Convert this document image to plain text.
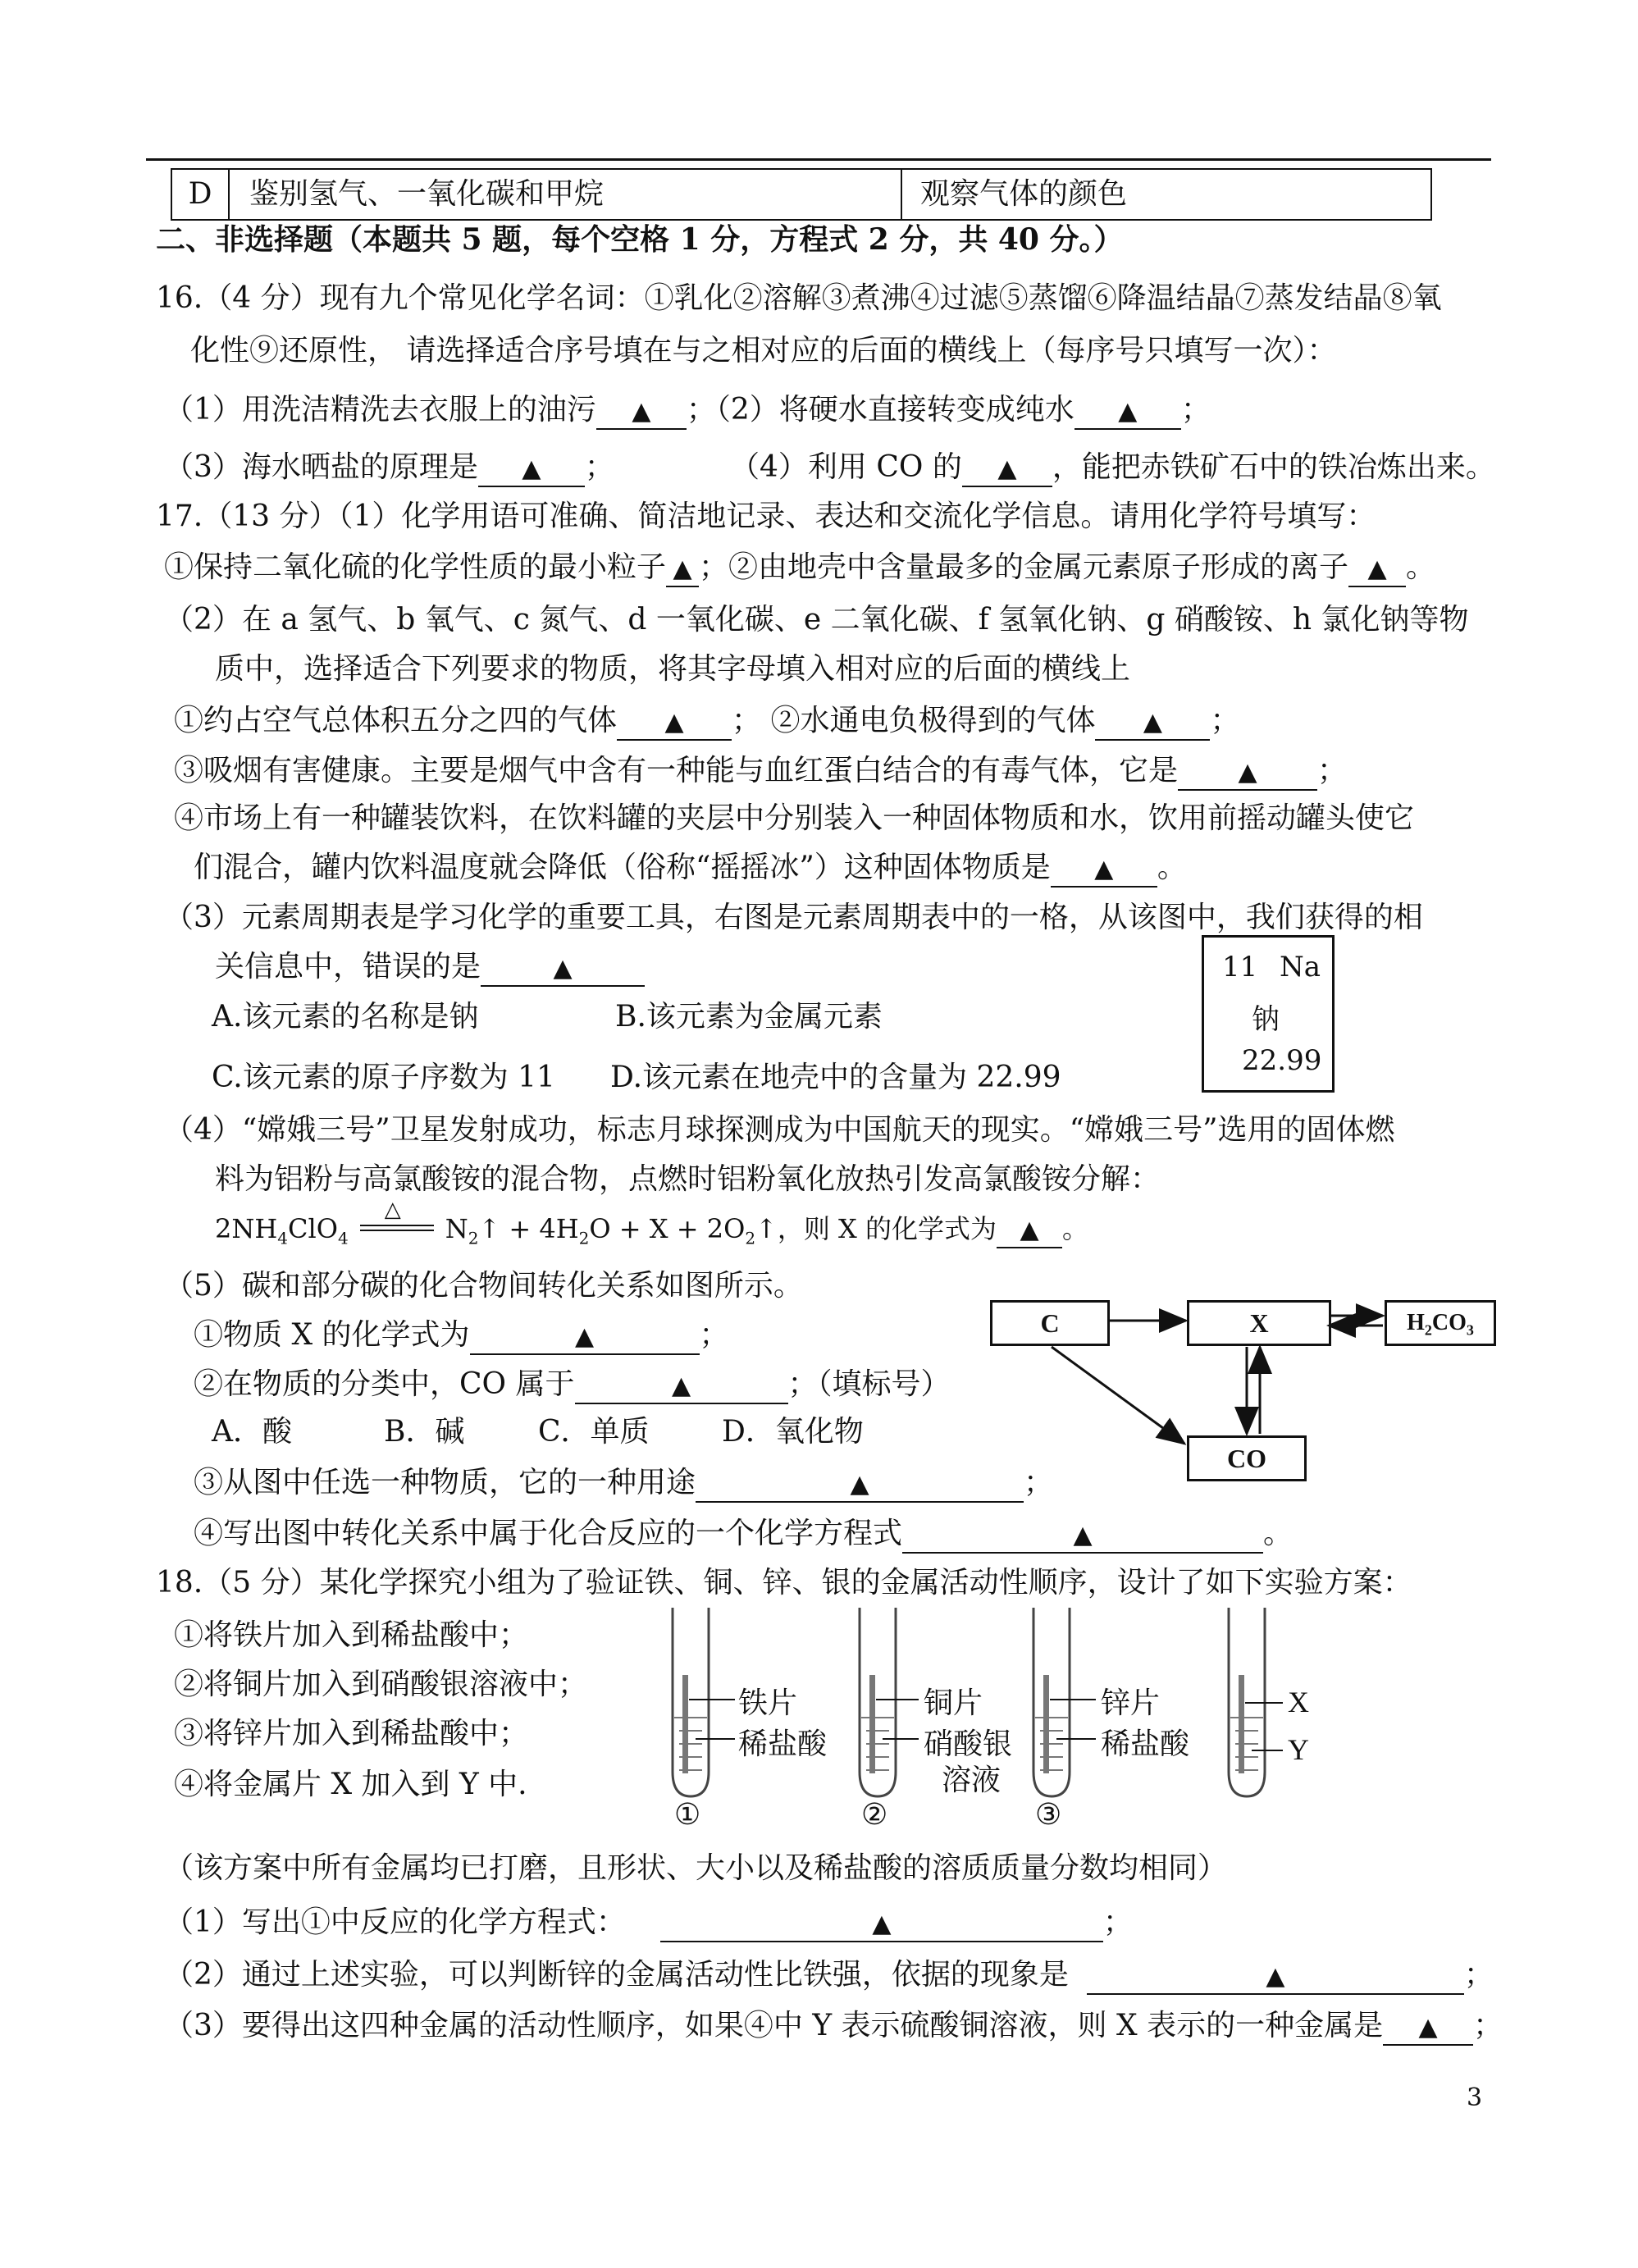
D	鉴别氢气、一氧化碳和甲烷	观察气体的颜色
二、非选择题（本题共 5 题，每个空格 1 分，方程式 2 分，共 40 分。）
16.（4 分）现有九个常见化学名词：①乳化②溶解③煮沸④过滤⑤蒸馏⑥降温结晶⑦蒸发结晶⑧氧
化性⑨还原性， 请选择适合序号填在与之相对应的后面的横线上（每序号只填写一次）：
（1）用洗洁精洗去衣服上的油污 ▲ ；（2）将硬水直接转变成纯水 ▲ ；
（3）海水晒盐的原理是 ▲ ；	（4）利用 CO 的 ▲ ，能把赤铁矿石中的铁冶炼出来。
17.（13 分）（1）化学用语可准确、简洁地记录、表达和交流化学信息。请用化学符号填写：
①保持二氧化硫的化学性质的最小粒子 ▲ ；②由地壳中含量最多的金属元素原子形成的离子 ▲ 。
（2）在 a 氢气、b 氧气、c 氮气、d 一氧化碳、e 二氧化碳、f 氢氧化钠、g 硝酸铵、h 氯化钠等物
质中，选择适合下列要求的物质，将其字母填入相对应的后面的横线上
①约占空气总体积五分之四的气体 ▲ ； ②水通电负极得到的气体 ▲ ；
③吸烟有害健康。主要是烟气中含有一种能与血红蛋白结合的有毒气体，它是 ▲ ；
④市场上有一种罐装饮料，在饮料罐的夹层中分别装入一种固体物质和水，饮用前摇动罐头使它
们混合，罐内饮料温度就会降低（俗称“摇摇冰”）这种固体物质是 ▲ 。
（3）元素周期表是学习化学的重要工具，右图是元素周期表中的一格，从该图中，我们获得的相
关信息中，错误的是	▲
A.该元素的名称是钠	B.该元素为金属元素
C.该元素的原子序数为 11 D.该元素在地壳中的含量为 22.99
11 Na
钠
22.99
（4）“嫦娥三号”卫星发射成功，标志月球探测成为中国航天的现实。“嫦娥三号”选用的固体燃
料为铝粉与高氯酸铵的混合物，点燃时铝粉氧化放热引发高氯酸铵分解：
$2NH_4ClO_4$
△
$N_2↑ + 4H_2O + X$ + $2O_2↑$，则 X 的化学式为 ▲ 。
（5）碳和部分碳的化合物间转化关系如图所示。
①物质 X 的化学式为	▲	；
②在物质的分类中，CO 属于	▲	；（填标号）
A．酸	B．碱 C．单质 D．氧化物
③从图中任选一种物质，它的一种用途	▲	；
④写出图中转化关系中属于化合反应的一个化学方程式	▲	。
C	X	$H_2CO_3$
CO
18.（5 分）某化学探究小组为了验证铁、铜、锌、银的金属活动性顺序，设计了如下实验方案：
①将铁片加入到稀盐酸中；
②将铜片加入到硝酸银溶液中；
③将锌片加入到稀盐酸中；
④将金属片 X 加入到 Y 中.
铁片
稀盐酸
①
铜片
硝酸银
溶液
②
锌片
稀盐酸
③
X
Y
（该方案中所有金属均已打磨，且形状、大小以及稀盐酸的溶质质量分数均相同）
（1）写出①中反应的化学方程式：	▲	；
（2）通过上述实验，可以判断锌的金属活动性比铁强，依据的现象是	▲	；
（3）要得出这四种金属的活动性顺序，如果④中 Y 表示硫酸铜溶液，则 X 表示的一种金属是 ▲ ；
3
